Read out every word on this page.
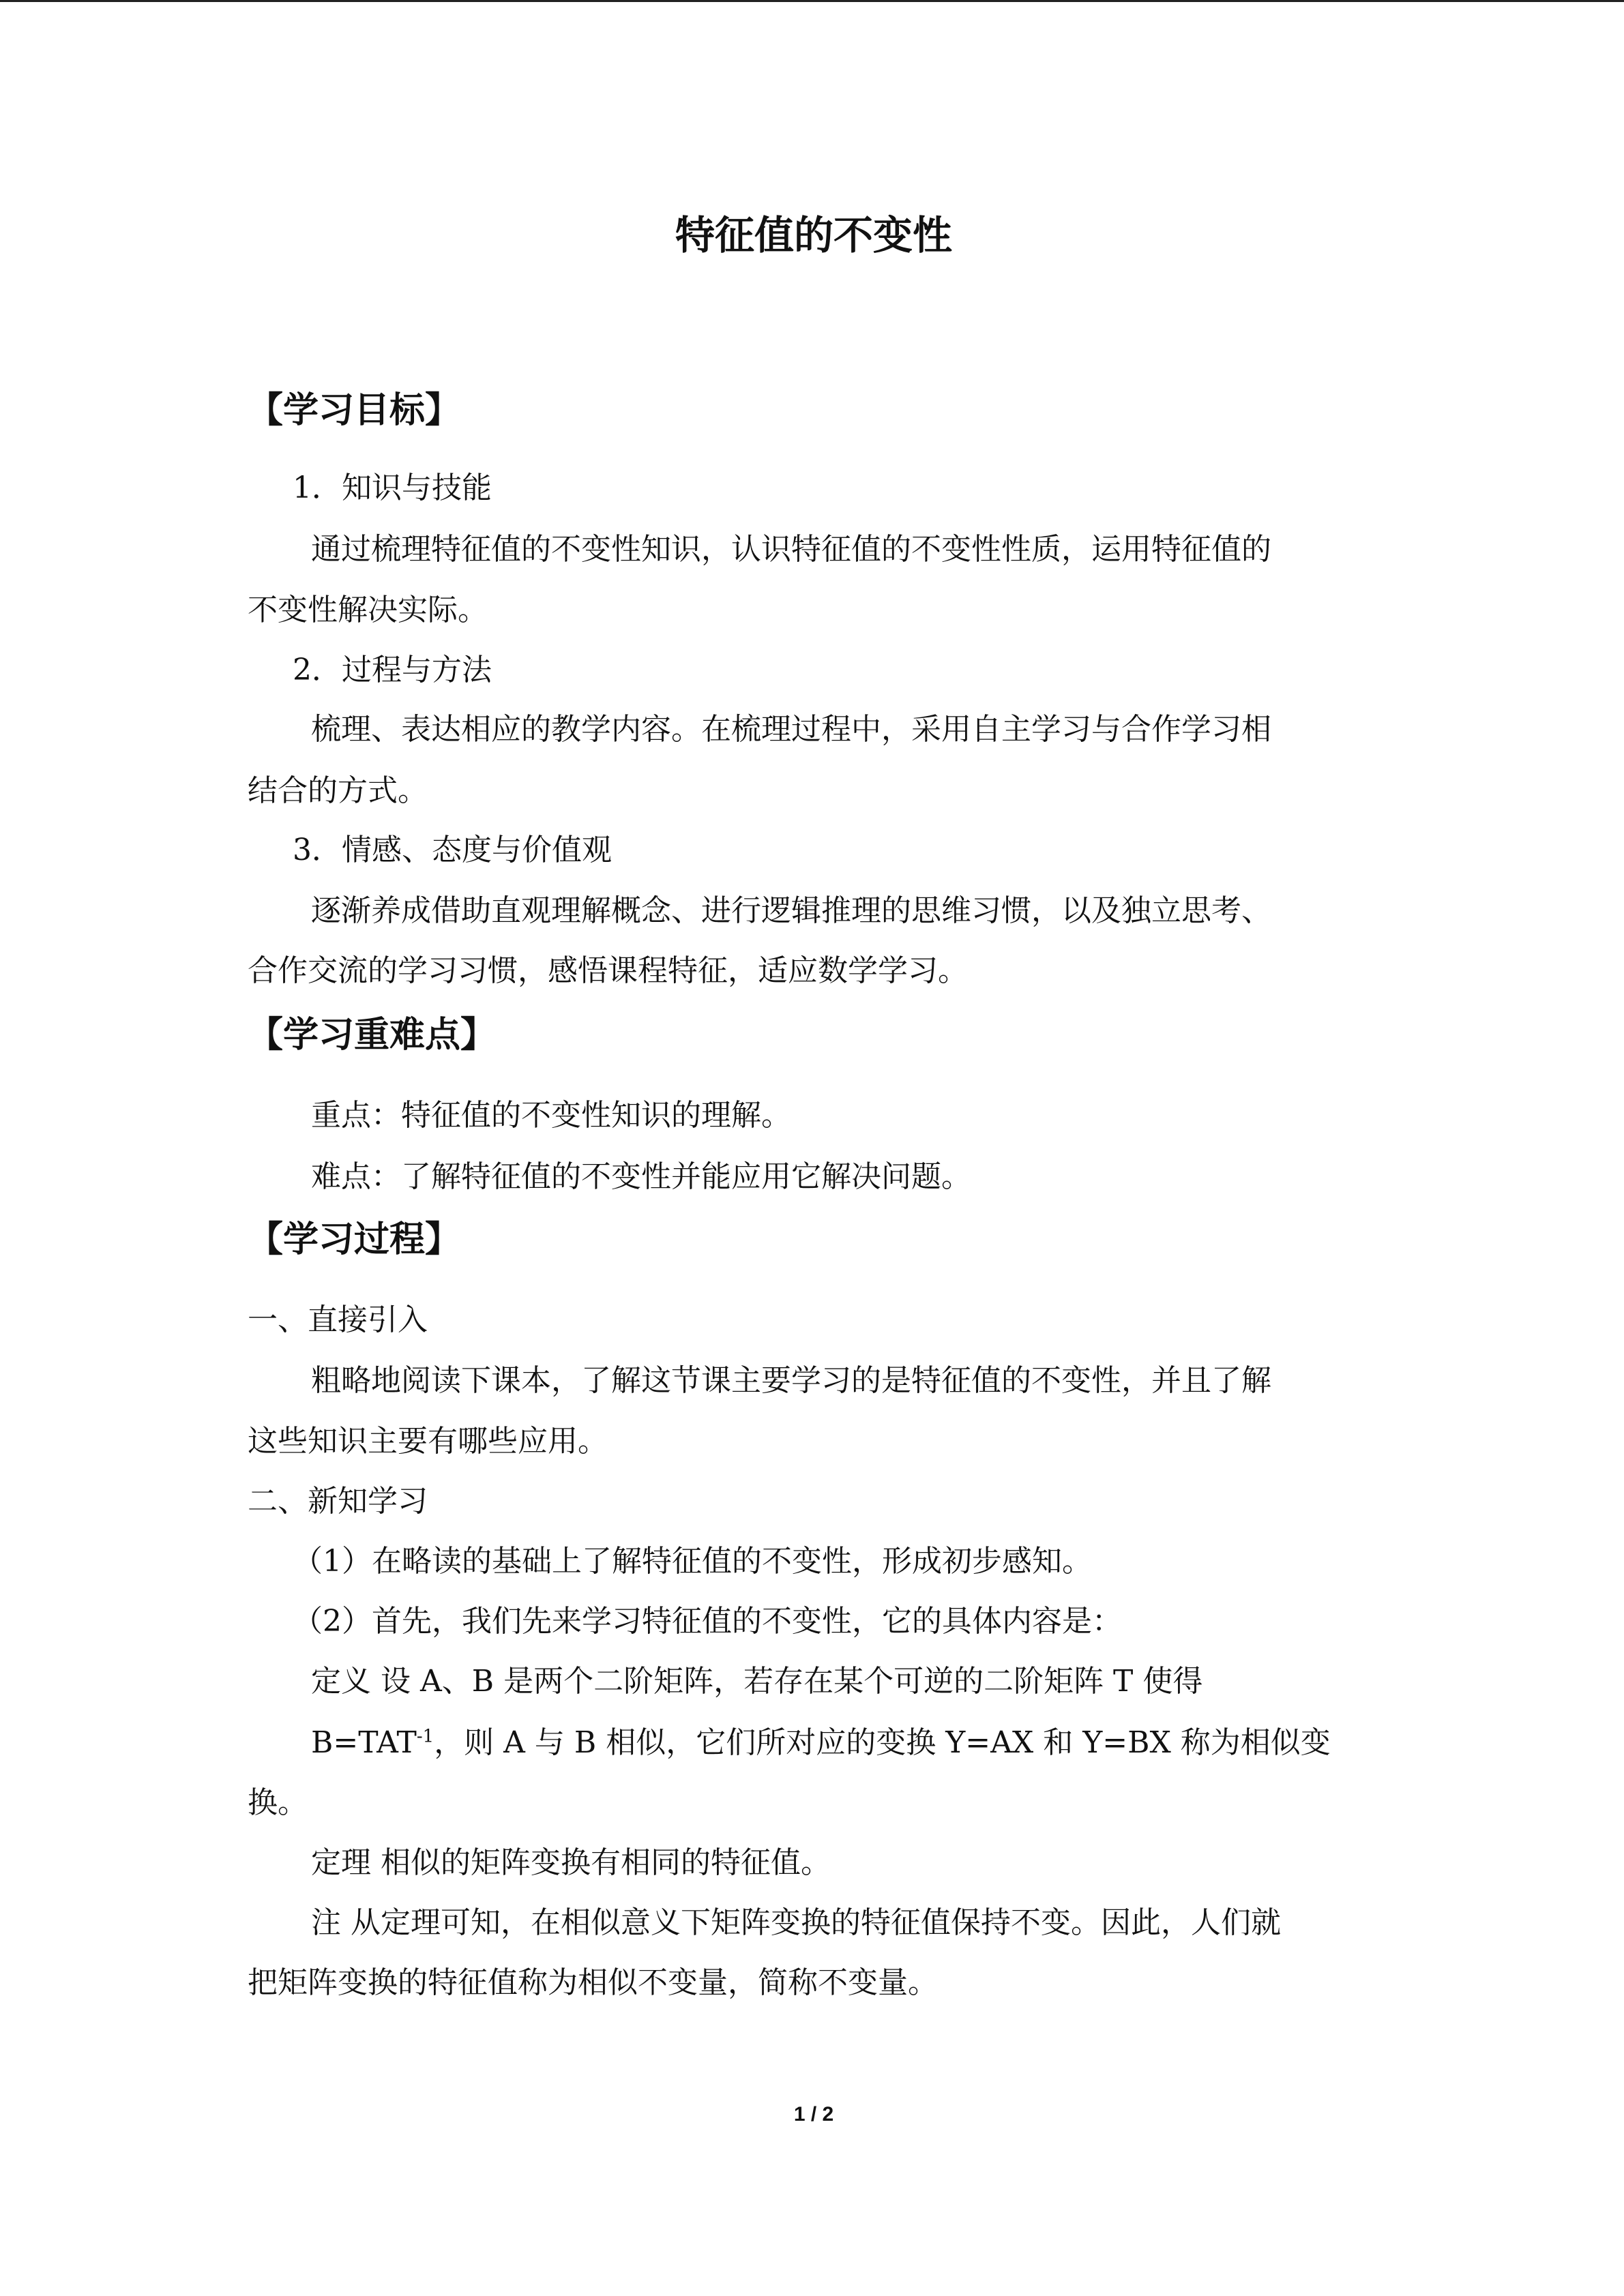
特征值的不变性
【学习目标】
1．知识与技能
通过梳理特征值的不变性知识，认识特征值的不变性性质，运用特征值的
不变性解决实际。
2．过程与方法
梳理、表达相应的教学内容。在梳理过程中，采用自主学习与合作学习相
结合的方式。
3．情感、态度与价值观
逐渐养成借助直观理解概念、进行逻辑推理的思维习惯，以及独立思考、
合作交流的学习习惯，感悟课程特征，适应数学学习。
【学习重难点】
重点：特征值的不变性知识的理解。
难点：了解特征值的不变性并能应用它解决问题。
【学习过程】
一、直接引入
粗略地阅读下课本，了解这节课主要学习的是特征值的不变性，并且了解
这些知识主要有哪些应用。
二、新知学习
（1）在略读的基础上了解特征值的不变性，形成初步感知。
（2）首先，我们先来学习特征值的不变性，它的具体内容是：
定义 设 A、B 是两个二阶矩阵，若存在某个可逆的二阶矩阵 T 使得
$B=TAT^{-1}$，则 A 与 B 相似，它们所对应的变换 Y=AX 和 Y=BX 称为相似变
换。
定理 相似的矩阵变换有相同的特征值。
注 从定理可知，在相似意义下矩阵变换的特征值保持不变。因此，人们就
把矩阵变换的特征值称为相似不变量，简称不变量。
1 / 2
